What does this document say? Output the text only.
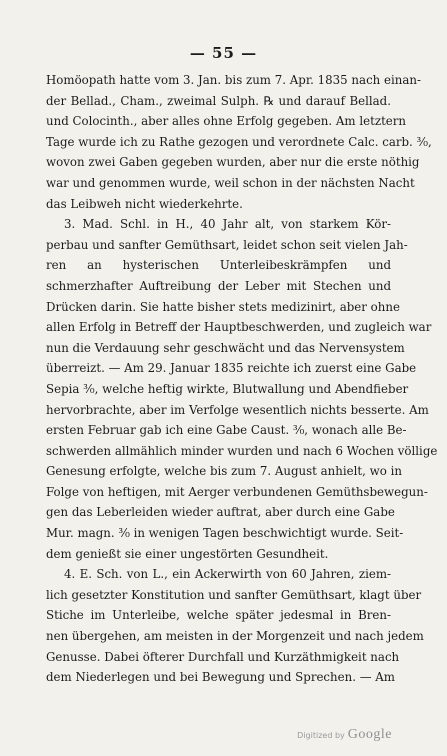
— 55 —
Homöopath hatte vom 3. Jan. bis zum 7. Apr. 1835 nach einan-
der Bellad., Cham., zweimal Sulph. ℞ und darauf Bellad.
und Colocinth., aber alles ohne Erfolg gegeben. Am letztern
Tage wurde ich zu Rathe gezogen und verordnete Calc. carb. ³⁄₀,
wovon zwei Gaben gegeben wurden, aber nur die erste nöthig
war und genommen wurde, weil schon in der nächsten Nacht
das Leibweh nicht wiederkehrte.
3. Mad. Schl. in H., 40 Jahr alt, von starkem Kör-
perbau und sanfter Gemüthsart, leidet schon seit vielen Jah-
ren an hysterischen Unterleibeskrämpfen und
schmerzhafter Auftreibung der Leber mit Stechen und
Drücken darin. Sie hatte bisher stets medizinirt, aber ohne
allen Erfolg in Betreff der Hauptbeschwerden, und zugleich war
nun die Verdauung sehr geschwächt und das Nervensystem
überreizt. — Am 29. Januar 1835 reichte ich zuerst eine Gabe
Sepia ³⁄₀, welche heftig wirkte, Blutwallung und Abendfieber
hervorbrachte, aber im Verfolge wesentlich nichts besserte. Am
ersten Februar gab ich eine Gabe Caust. ³⁄₀, wonach alle Be-
schwerden allmählich minder wurden und nach 6 Wochen völlige
Genesung erfolgte, welche bis zum 7. August anhielt, wo in
Folge von heftigen, mit Aerger verbundenen Gemüthsbewegun-
gen das Leberleiden wieder auftrat, aber durch eine Gabe
Mur. magn. ³⁄₀ in wenigen Tagen beschwichtigt wurde. Seit-
dem genießt sie einer ungestörten Gesundheit.
4. E. Sch. von L., ein Ackerwirth von 60 Jahren, ziem-
lich gesetzter Konstitution und sanfter Gemüthsart, klagt über
Stiche im Unterleibe, welche später jedesmal in Bren-
nen übergehen, am meisten in der Morgenzeit und nach jedem
Genusse. Dabei öfterer Durchfall und Kurzäthmigkeit nach
dem Niederlegen und bei Bewegung und Sprechen. — Am
Digitized by Google
